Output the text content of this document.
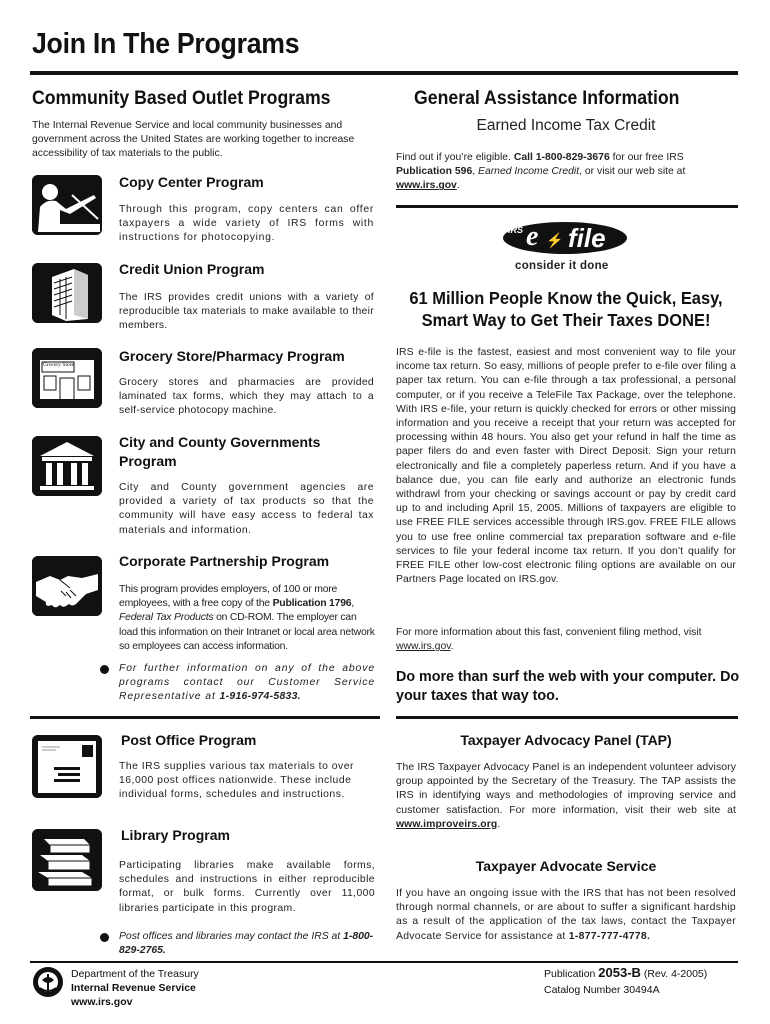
Join In The Programs
Community Based Outlet Programs
The Internal Revenue Service and local community businesses and government across the United States are working together to increase accessibility of tax materials to the public.
Copy Center Program
Through this program, copy centers can offer taxpayers a wide variety of IRS forms with instructions for photocopying.
Credit Union Program
The IRS provides credit unions with a variety of reproducible tax materials to make available to their members.
Grocery Store
Grocery Store/Pharmacy Program
Grocery stores and pharmacies are provided laminated tax forms, which they may attach to a self-service photocopy machine.
City and County Governments Program
City and County government agencies are provided a variety of tax products so that the community will have easy access to federal tax materials and information.
Corporate Partnership Program
This program provides employers, of 100 or more employees, with a free copy of the Publication 1796, Federal Tax Products on CD-ROM. The employer can load this information on their Intranet or local area network so employees can access information.
For further information on any of the above programs contact our Customer Service Representative at 1-916-974-5833.
Post Office Program
The IRS supplies various tax materials to over 16,000 post offices nationwide. These include individual forms, schedules and instructions.
Library Program
Participating libraries make available forms, schedules and instructions in either reproducible format, or bulk forms. Currently over 11,000 libraries participate in this program.
Post offices and libraries may contact the IRS at 1-800-829-2765.
General Assistance Information
Earned Income Tax Credit
Find out if you’re eligible. Call 1-800-829-3676 for our free IRS Publication 596, Earned Income Credit, or visit our web site at www.irs.gov.
IRS e ⚡ file
consider it done
61 Million People Know the Quick, Easy, Smart Way to Get Their Taxes DONE!
IRS e-file is the fastest, easiest and most convenient way to file your income tax return. So easy, millions of people prefer to e-file over filing a paper tax return. You can e-file through a tax professional, a personal computer, or if you receive a TeleFile Tax Package, over the telephone. With IRS e-file, your return is quickly checked for errors or other missing information and you receive a receipt that your return was accepted for processing within 48 hours. You also get your refund in half the time as paper filers do and even faster with Direct Deposit. Sign your return electronically and file a completely paperless return. And if you have a balance due, you can file early and authorize an electronic funds withdrawl from your checking or savings account or pay by credit card up to and including April 15, 2005. Millions of taxpayers are eligible to use FREE FILE services accessible through IRS.gov. FREE FILE allows you to use free online commercial tax preparation software and e-file services to file your federal income tax return. If you don’t qualify for FREE FILE other low-cost electronic filing options are available on our Partners Page located on IRS.gov.
For more information about this fast, convenient filing method, visit www.irs.gov.
Do more than surf the web with your computer. Do your taxes that way too.
Taxpayer Advocacy Panel (TAP)
The IRS Taxpayer Advocacy Panel is an independent volunteer advisory group appointed by the Secretary of the Treasury. The TAP assists the IRS in identifying ways and methodologies of improving service and customer satisfaction. For more information, visit their web site at www.improveirs.org.
Taxpayer Advocate Service
If you have an ongoing issue with the IRS that has not been resolved through normal channels, or are about to suffer a significant hardship as a result of the application of the tax laws, contact the Taxpayer Advocate Service for assistance at 1-877-777-4778.
Department of the Treasury
Internal Revenue Service
www.irs.gov
Publication 2053-B (Rev. 4-2005)
Catalog Number 30494A
